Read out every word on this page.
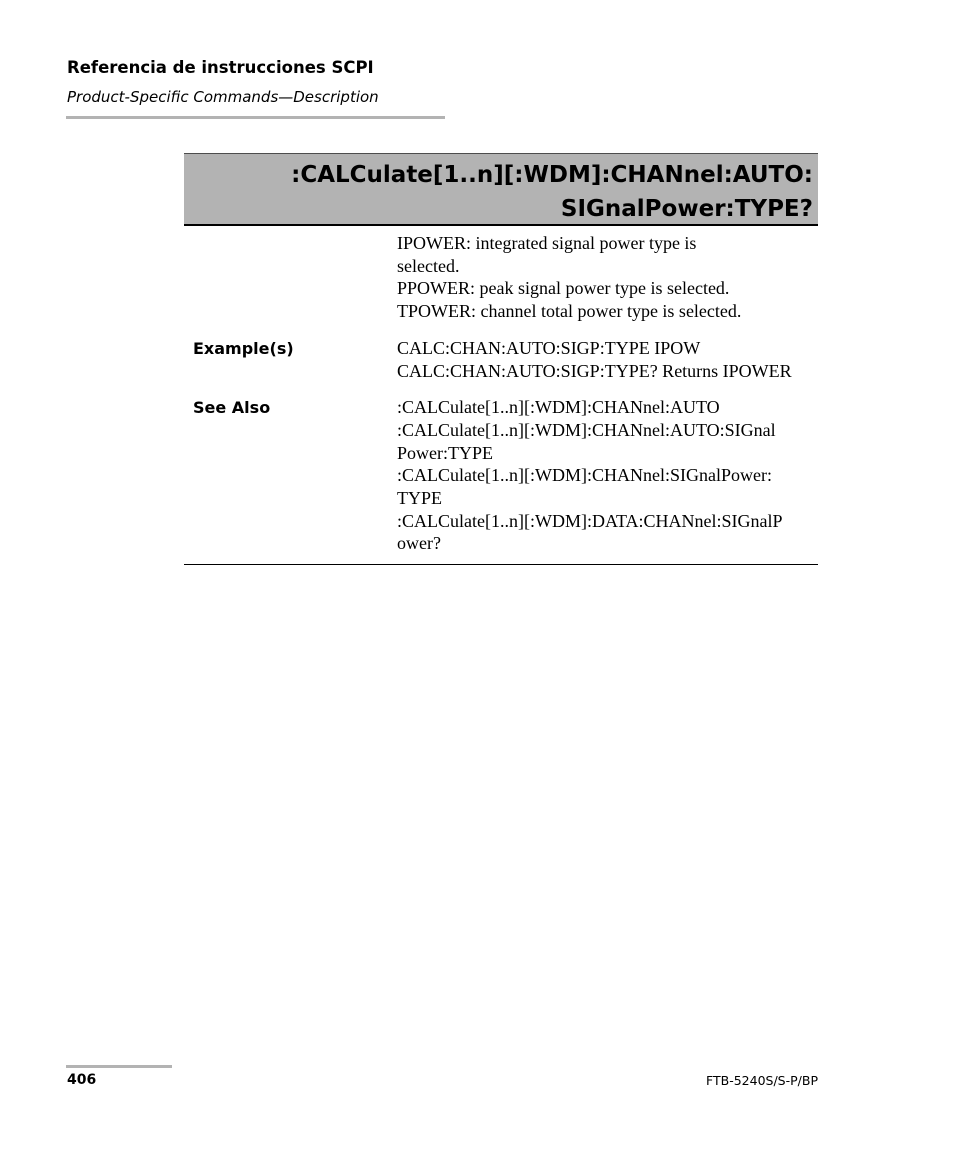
Referencia de instrucciones SCPI
Product-Specific Commands—Description
:CALCulate[1..n][:WDM]:CHANnel:AUTO:
SIGnalPower:TYPE?
IPOWER: integrated signal power type is
selected.
PPOWER: peak signal power type is selected.
TPOWER: channel total power type is selected.
Example(s)	CALC:CHAN:AUTO:SIGP:TYPE IPOW
CALC:CHAN:AUTO:SIGP:TYPE? Returns IPOWER
See Also	:CALCulate[1..n][:WDM]:CHANnel:AUTO
:CALCulate[1..n][:WDM]:CHANnel:AUTO:SIGnal
Power:TYPE
:CALCulate[1..n][:WDM]:CHANnel:SIGnalPower:
TYPE
:CALCulate[1..n][:WDM]:DATA:CHANnel:SIGnalP
ower?
406	FTB-5240S/S-P/BP
